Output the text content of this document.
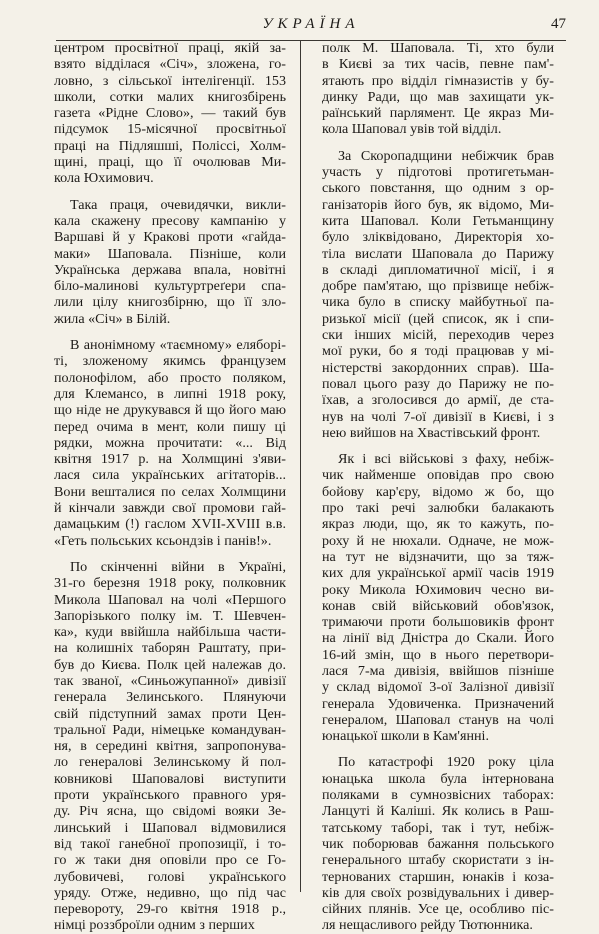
УКРАЇНА	47
центром просвітної праці, якій за-
взято відділася «Січ», зложена, го-
ловно, з сільської інтелігенції. 153
школи, сотки малих книгозбірень
газета «Рідне Слово», — такий був
підсумок 15-місячної просвітньої
праці на Підляшші, Поліссі, Холм-
щині, праці, що її очолював Ми-
кола Юхимович.
Така праця, очевидячки, викли-
кала скажену пресову кампанію у
Варшаві й у Кракові проти «гайда-
маки» Шаповала. Пізніше, коли
Українська держава впала, новітні
біло-малинові культуртреґери спа-
лили цілу книгозбірню, що її зло-
жила «Січ» в Білій.
В анонімному «таємному» еляборі-
ті, зложеному якимсь французем
полонофілом, або просто поляком,
для Клемансо, в липні 1918 року,
що ніде не друкувався й що його маю
перед очима в мент, коли пишу ці
рядки, можна прочитати: «... Від
квітня 1917 р. на Холмщині з'яви-
лася сила українських агітаторів...
Вони вешталися по селах Холмщини
й кінчали завжди свої промови гай-
дамацьким (!) гаслом XVII-XVIII в.в.
«Геть польських ксьондзів і панів!».
По скінченні війни в Україні,
31-го березня 1918 року, полковник
Микола Шаповал на чолі «Першого
Запорізького полку ім. Т. Шевчен-
ка», куди ввійшла найбільша части-
на колишніх таборян Раштату, при-
був до Києва. Полк цей належав до.
так званої, «Синьожупанної» дивізії
генерала Зелинського. Плянуючи
свій підступний замах проти Цен-
тральної Ради, німецьке командуван-
ня, в середині квітня, запропонува-
ло генералові Зелинському й пол-
ковникові Шаповалові виступити
проти українського правного уря-
ду. Річ ясна, що свідомі вояки Зе-
линський і Шаповал відмовилися
від такої ганебної пропозиції, і то-
го ж таки дня оповіли про се Го-
лубовичеві, голові українського
уряду. Отже, недивно, що під час
перевороту, 29-го квітня 1918 р.,
німці роззброїли одним з перших
полк М. Шаповала. Ті, хто були
в Києві за тих часів, певне пам'-
ятають про відділ гімназистів у бу-
динку Ради, що мав захищати ук-
раїнський парлямент. Це якраз Ми-
кола Шаповал увів той відділ.
За Скоропадщини небіжчик брав
участь у підготові протигетьман-
ського повстання, що одним з ор-
ганізаторів його був, як відомо, Ми-
кита Шаповал. Коли Гетьманщину
було зліквідовано, Директорія хо-
тіла вислати Шаповала до Парижу
в складі дипломатичної місії, і я
добре пам'ятаю, що прізвище небіж-
чика було в списку майбутньої па-
ризької місії (цей список, як і спи-
ски інших місій, переходив через
мої руки, бо я тоді працював у мі-
ністерстві закордонних справ). Ша-
повал цього разу до Парижу не по-
їхав, а зголосився до армії, де ста-
нув на чолі 7-ої дивізії в Києві, і з
нею вийшов на Хвастівський фронт.
Як і всі військові з фаху, небіж-
чик найменше оповідав про свою
бойову кар'єру, відомо ж бо, що
про такі речі залюбки балакають
якраз люди, що, як то кажуть, по-
роху й не нюхали. Одначе, не мож-
на тут не відзначити, що за тяж-
ких для української армії часів 1919
року Микола Юхимович чесно ви-
конав свій військовий обов'язок,
тримаючи проти большовиків фронт
на лінії від Дністра до Скали. Його
16-ий змін, що в нього перетвори-
лася 7-ма дивізія, ввійшов пізніше
у склад відомої 3-ої Залізної дивізії
генерала Удовиченка. Призначений
генералом, Шаповал станув на чолі
юнацької школи в Кам'янні.
По катастрофі 1920 року ціла
юнацька школа була інтернована
поляками в сумнозвісних таборах:
Ланцуті й Каліші. Як колись в Раш-
татському таборі, так і тут, небіж-
чик поборював бажання польського
генерального штабу скористати з ін-
тернованих старшин, юнаків і коза-
ків для своїх розвідувальних і дивер-
сійних плянів. Усе це, особливо піс-
ля нещасливого рейду Тютюнника.
